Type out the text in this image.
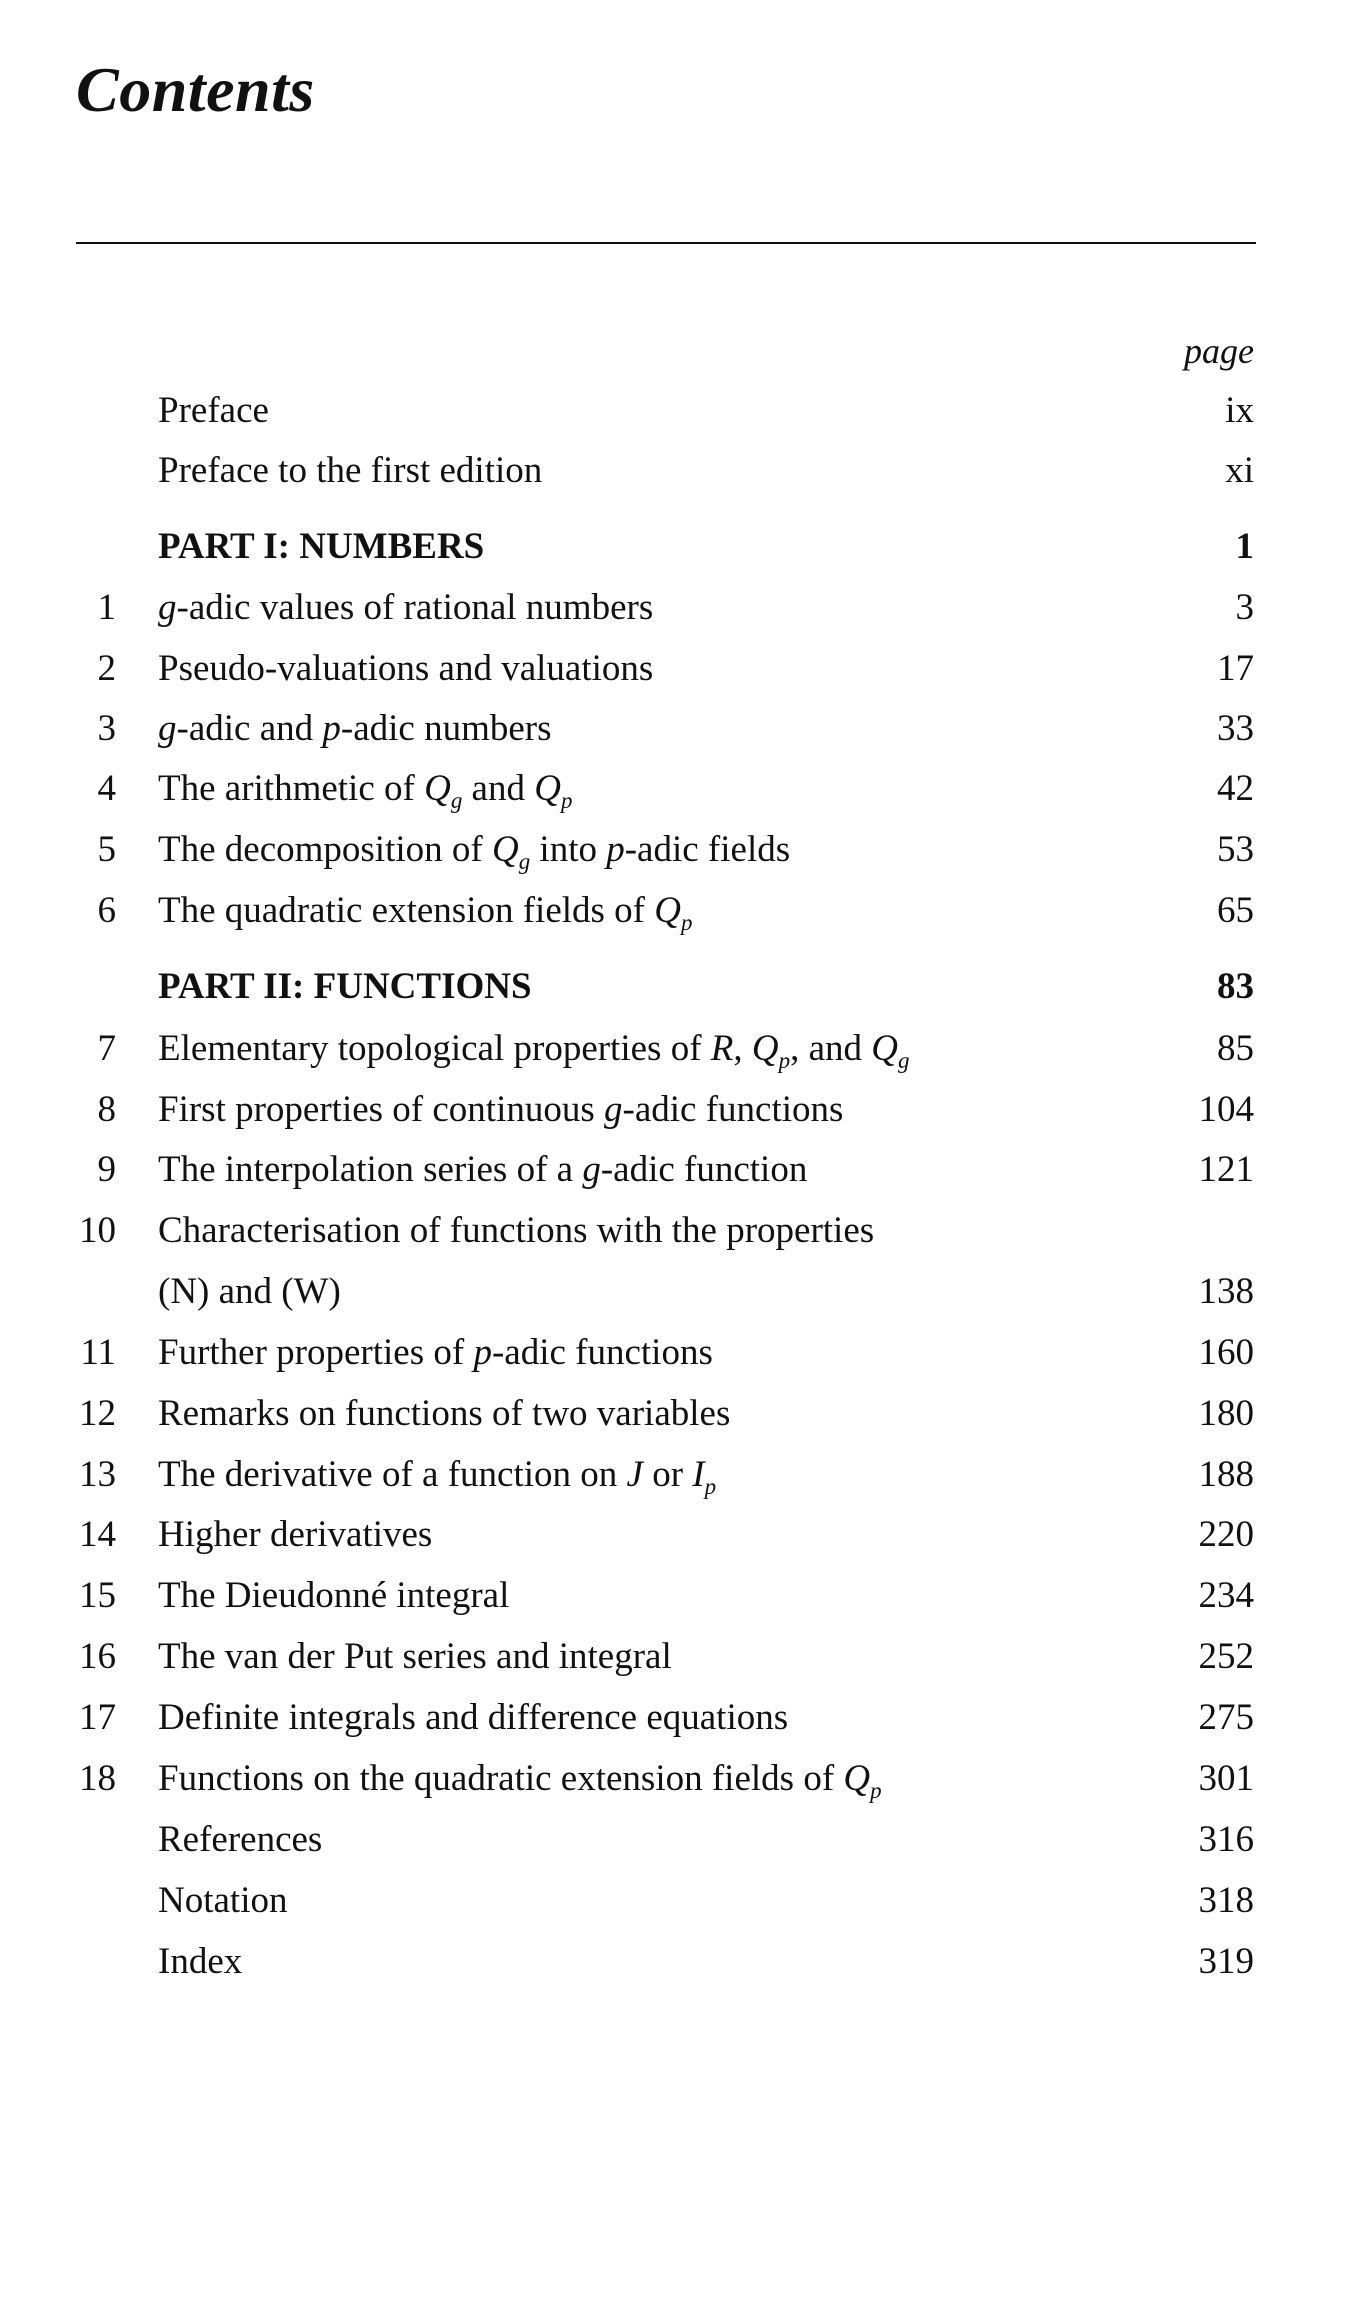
Contents
page
Preface	ix
Preface to the first edition	xi
PART I: NUMBERS	1
1 g-adic values of rational numbers	3
2 Pseudo-valuations and valuations	17
3 g-adic and p-adic numbers	33
4 The arithmetic of $Q_g$ and $Q_p$	42
5 The decomposition of $Q_g$ into p-adic fields	53
6 The quadratic extension fields of $Q_p$	65
PART II: FUNCTIONS	83
7 Elementary topological properties of R, $Q_p$, and $Q_g$	85
8 First properties of continuous g-adic functions	104
9 The interpolation series of a g-adic function	121
10 Characterisation of functions with the properties
(N) and (W)	138
11 Further properties of p-adic functions	160
12 Remarks on functions of two variables	180
13 The derivative of a function on J or $I_p$	188
14 Higher derivatives	220
15 The Dieudonné integral	234
16 The van der Put series and integral	252
17 Definite integrals and difference equations	275
18 Functions on the quadratic extension fields of $Q_p$	301
References	316
Notation	318
Index	319
